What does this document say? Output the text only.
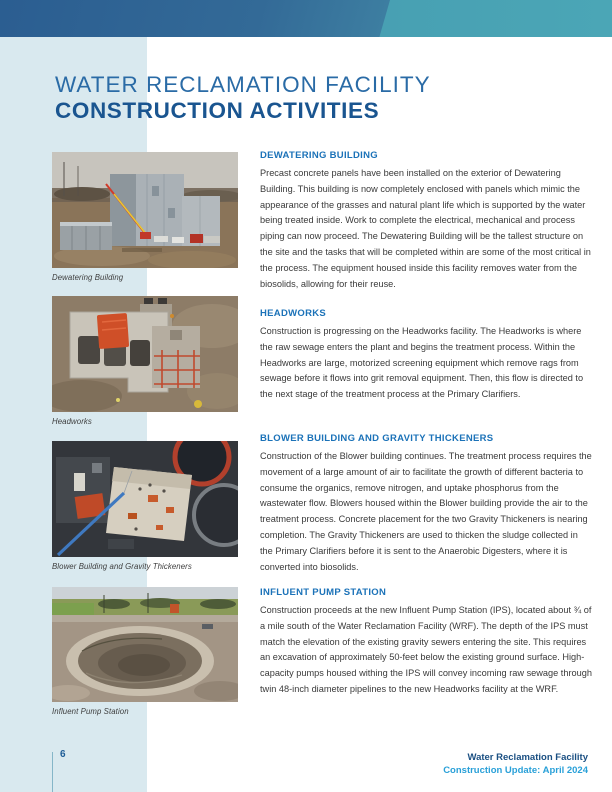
WATER RECLAMATION FACILITY
CONSTRUCTION ACTIVITIES
Dewatering Building
Headworks
Blower Building and Gravity Thickeners
Influent Pump Station
DEWATERING BUILDING

Precast concrete panels have been installed on the exterior of Dewatering Building. This building is now completely enclosed with panels which mimic the appearance of the grasses and natural plant life which is supported by the water being treated inside. Work to complete the electrical, mechanical and process piping can now proceed. The Dewatering Building will be the tallest structure on the site and the tasks that will be completed within are some of the most critical in the process. The equipment housed inside this facility removes water from the biosolids, allowing for their reuse.

HEADWORKS

Construction is progressing on the Headworks facility. The Headworks is where the raw sewage enters the plant and begins the treatment process. Within the Headworks are large, motorized screening equipment which remove rags from sewage before it flows into grit removal equipment. Then, this flow is directed to the next stage of the treatment process at the Primary Clarifiers.

BLOWER BUILDING AND GRAVITY THICKENERS

Construction of the Blower building continues. The treatment process requires the movement of a large amount of air to facilitate the growth of different bacteria to consume the organics, remove nitrogen, and uptake phosphorus from the wastewater flow. Blowers housed within the Blower building provide the air to the treatment process. Concrete placement for the two Gravity Thickeners is nearing completion. The Gravity Thickeners are used to thicken the sludge collected in the Primary Clarifiers before it is sent to the Anaerobic Digesters, where it is converted into biosolids.

INFLUENT PUMP STATION

Construction proceeds at the new Influent Pump Station (IPS), located about ¾ of a mile south of the Water Reclamation Facility (WRF). The depth of the IPS must match the elevation of the existing gravity sewers entering the site. This requires an excavation of approximately 50-feet below the existing ground surface. High-capacity pumps housed withing the IPS will convey incoming raw sewage through twin 48-inch diameter pipelines to the new Headworks facility at the WRF.

6	Water Reclamation Facility
Construction Update: April 2024
